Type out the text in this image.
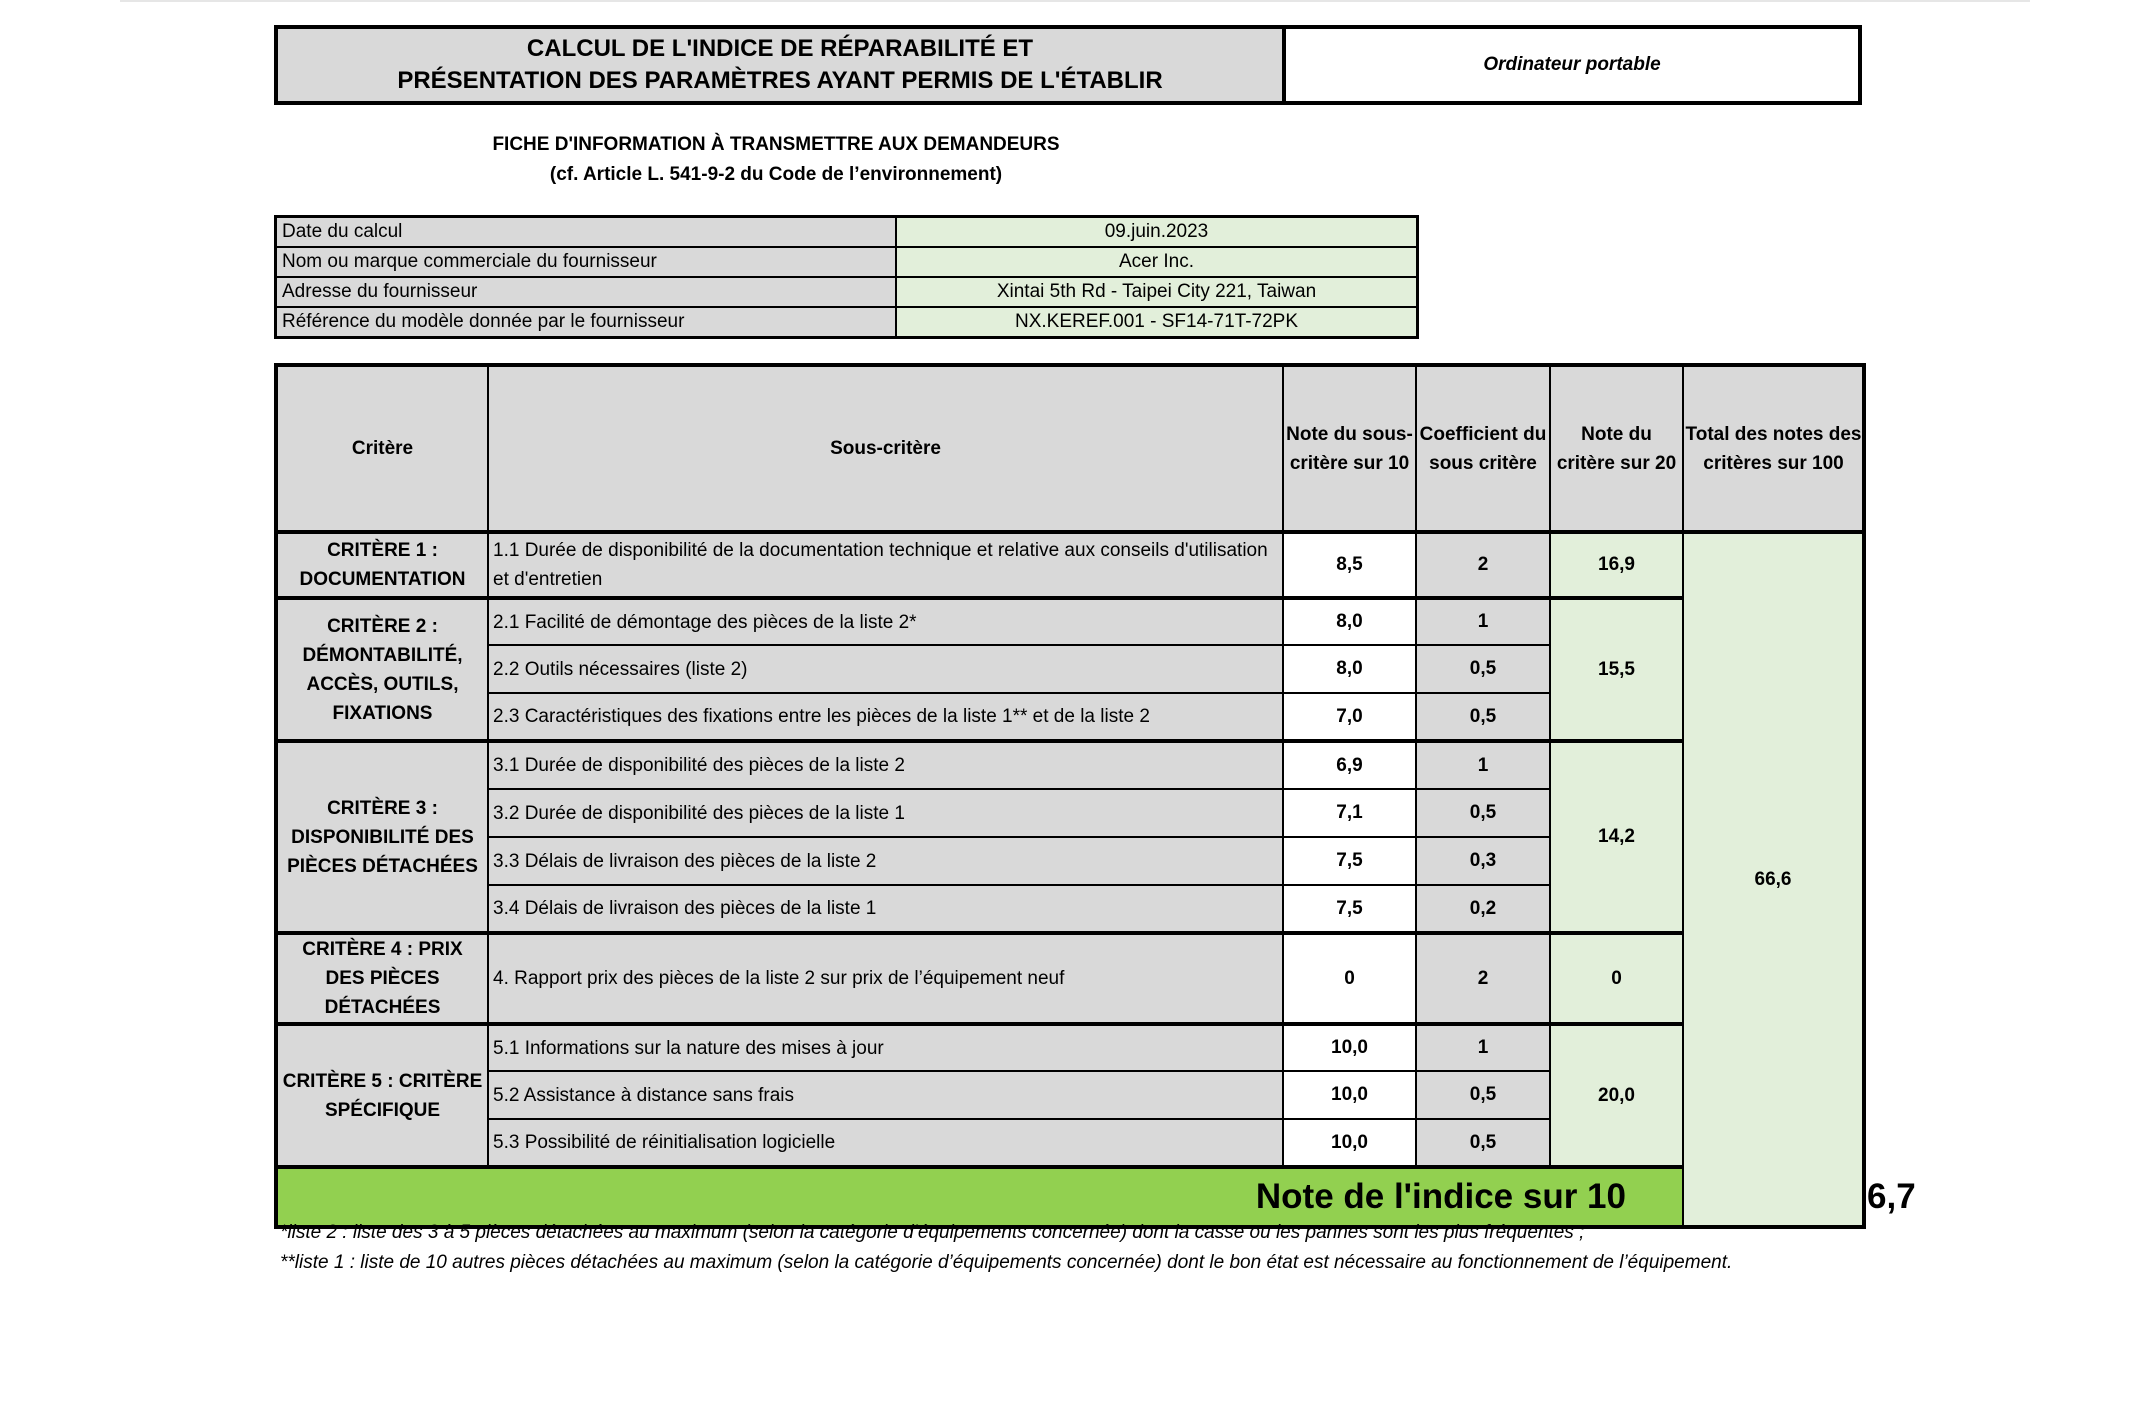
CALCUL DE L'INDICE DE RÉPARABILITÉ ET
PRÉSENTATION DES PARAMÈTRES AYANT PERMIS DE L'ÉTABLIR
Ordinateur portable
FICHE D'INFORMATION À TRANSMETTRE AUX DEMANDEURS
(cf. Article L. 541-9-2 du Code de l’environnement)
Date du calcul	09.juin.2023
Nom ou marque commerciale du fournisseur	Acer Inc.
Adresse du fournisseur	Xintai 5th Rd - Taipei City 221, Taiwan
Référence du modèle donnée par le fournisseur	NX.KEREF.001 - SF14-71T-72PK
Critère	Sous-critère	Note du sous-critère sur 10	Coefficient du sous critère	Note du critère sur 20	Total des notes des critères sur 100	
CRITÈRE 1 : DOCUMENTATION	1.1 Durée de disponibilité de la documentation technique et relative aux conseils d'utilisation et d'entretien	8,5	2	16,9	66,6	
CRITÈRE 2 : DÉMONTABILITÉ, ACCÈS, OUTILS, FIXATIONS	2.1 Facilité de démontage des pièces de la liste 2*	8,0	1	15,5		
	2.2 Outils nécessaires (liste 2)	8,0	0,5			
	2.3 Caractéristiques des fixations entre les pièces de la liste 1** et de la liste 2	7,0	0,5			
CRITÈRE 3 : DISPONIBILITÉ DES PIÈCES DÉTACHÉES	3.1 Durée de disponibilité des pièces de la liste 2	6,9	1	14,2		
	3.2 Durée de disponibilité des pièces de la liste 1	7,1	0,5			
	3.3 Délais de livraison des pièces de la liste 2	7,5	0,3			
	3.4 Délais de livraison des pièces de la liste 1	7,5	0,2			
CRITÈRE 4 : PRIX DES PIÈCES DÉTACHÉES	4. Rapport prix des pièces de la liste 2 sur prix de l’équipement neuf	0	2	0		
CRITÈRE 5 : CRITÈRE SPÉCIFIQUE	5.1 Informations sur la nature des mises à jour	10,0	1	20,0		
	5.2 Assistance à distance sans frais	10,0	0,5			
	5.3 Possibilité de réinitialisation logicielle	10,0	0,5			
Note de l'indice sur 10						6,7
*liste 2 : liste des 3 à 5 pièces détachées au maximum (selon la catégorie d’équipements concernée) dont la casse ou les pannes sont les plus fréquentes ;
**liste 1 : liste de 10 autres pièces détachées au maximum (selon la catégorie d’équipements concernée) dont le bon état est nécessaire au fonctionnement de l’équipement.
